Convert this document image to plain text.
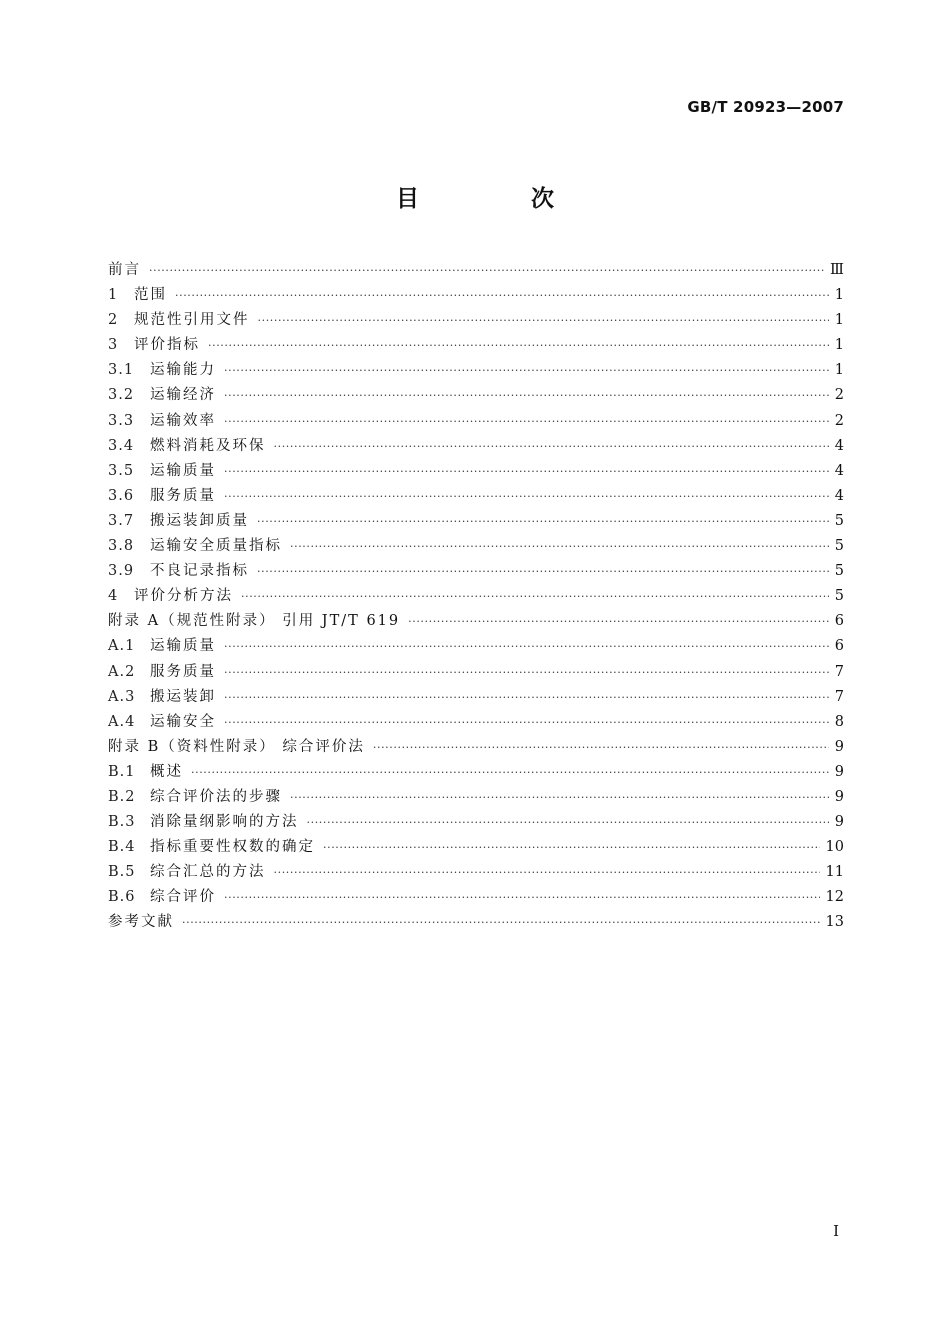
GB/T 20923—2007
目 次
前言 ·····	Ⅲ
1	范围 ·····	1
2	规范性引用文件 ·····	1
3	评价指标 ·····	1
3.1	运输能力 ·····	1
3.2	运输经济 ·····	2
3.3	运输效率 ·····	2
3.4	燃料消耗及环保 ·····	4
3.5	运输质量 ·····	4
3.6	服务质量 ·····	4
3.7	搬运装卸质量 ·····	5
3.8	运输安全质量指标 ·····	5
3.9	不良记录指标 ·····	5
4	评价分析方法 ·····	5
附录 A（规范性附录） 引用 JT/T 619 ·····	6
A.1	运输质量 ·····	6
A.2	服务质量 ·····	7
A.3	搬运装卸 ·····	7
A.4	运输安全 ·····	8
附录 B（资料性附录） 综合评价法 ·····	9
B.1	概述 ·····	9
B.2	综合评价法的步骤 ·····	9
B.3	消除量纲影响的方法 ·····	9
B.4	指标重要性权数的确定 ·····	10
B.5	综合汇总的方法 ·····	11
B.6	综合评价 ·····	12
参考文献 ·····	13
Ⅰ
